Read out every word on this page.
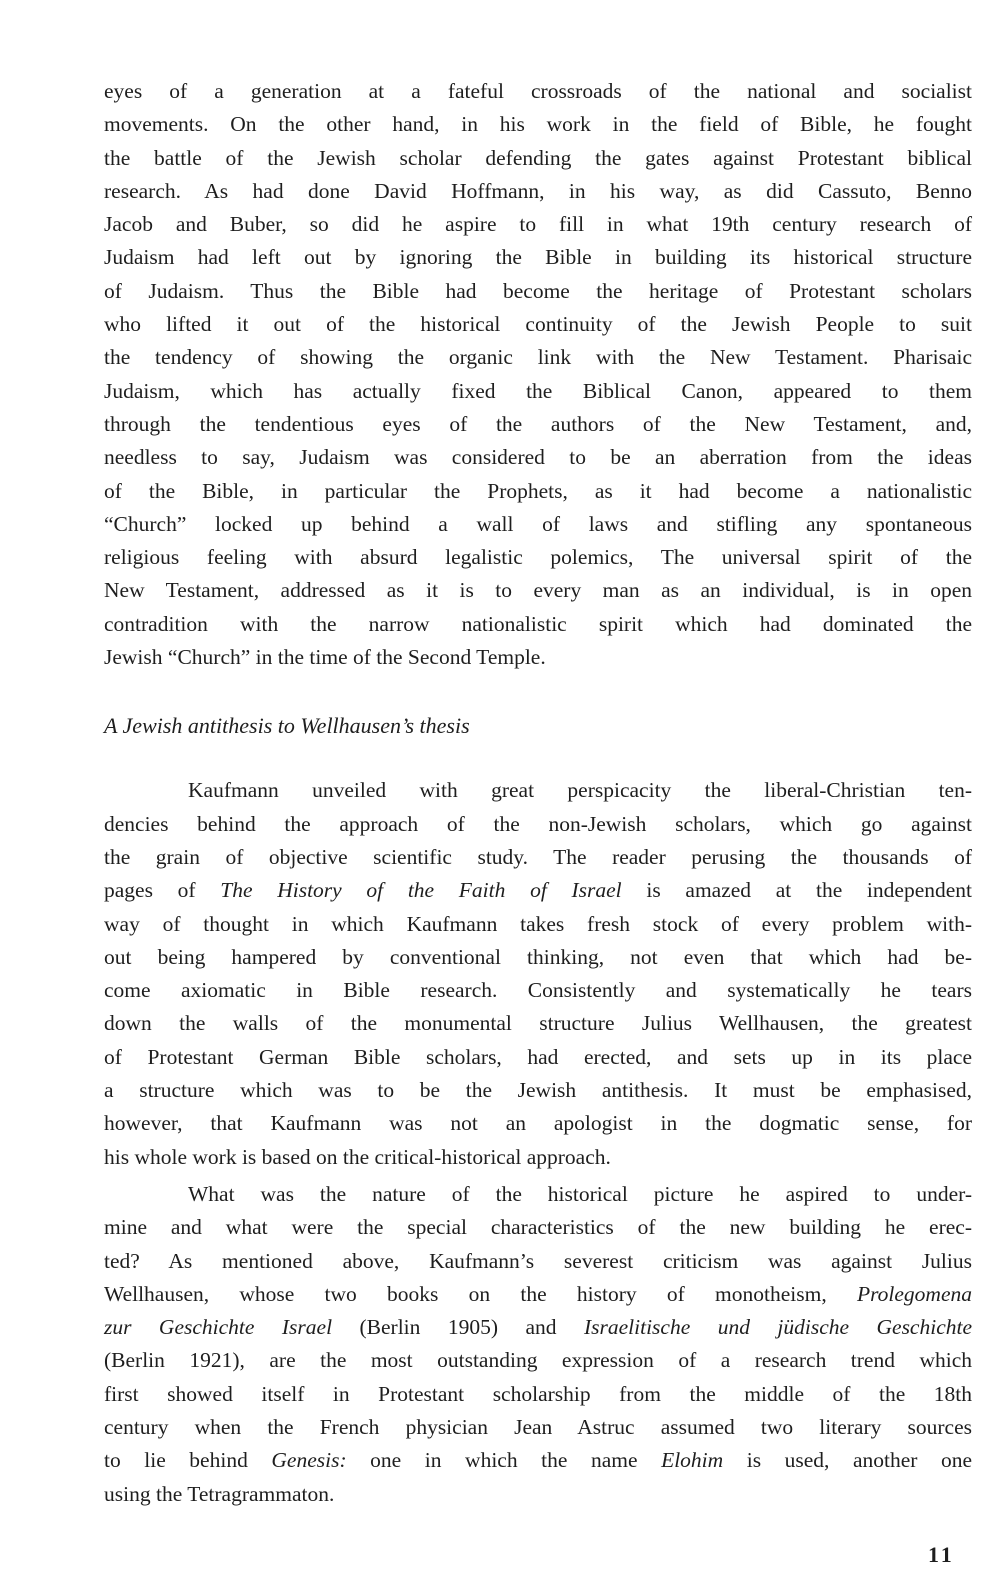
eyes of a generation at a fateful crossroads of the national and socialist
movements. On the other hand, in his work in the field of Bible, he fought
the battle of the Jewish scholar defending the gates against Protestant biblical
research. As had done David Hoffmann, in his way, as did Cassuto, Benno
Jacob and Buber, so did he aspire to fill in what 19th century research of
Judaism had left out by ignoring the Bible in building its historical structure
of Judaism. Thus the Bible had become the heritage of Protestant scholars
who lifted it out of the historical continuity of the Jewish People to suit
the tendency of showing the organic link with the New Testament. Pharisaic
Judaism, which has actually fixed the Biblical Canon, appeared to them
through the tendentious eyes of the authors of the New Testament, and,
needless to say, Judaism was considered to be an aberration from the ideas
of the Bible, in particular the Prophets, as it had become a nationalistic
“Church” locked up behind a wall of laws and stifling any spontaneous
religious feeling with absurd legalistic polemics, The universal spirit of the
New Testament, addressed as it is to every man as an individual, is in open
contradition with the narrow nationalistic spirit which had dominated the
Jewish “Church” in the time of the Second Temple.
A Jewish antithesis to Wellhausen’s thesis
Kaufmann unveiled with great perspicacity the liberal-Christian ten-
dencies behind the approach of the non-Jewish scholars, which go against
the grain of objective scientific study. The reader perusing the thousands of
pages of The History of the Faith of Israel is amazed at the independent
way of thought in which Kaufmann takes fresh stock of every problem with-
out being hampered by conventional thinking, not even that which had be-
come axiomatic in Bible research. Consistently and systematically he tears
down the walls of the monumental structure Julius Wellhausen, the greatest
of Protestant German Bible scholars, had erected, and sets up in its place
a structure which was to be the Jewish antithesis. It must be emphasised,
however, that Kaufmann was not an apologist in the dogmatic sense, for
his whole work is based on the critical-historical approach.
What was the nature of the historical picture he aspired to under-
mine and what were the special characteristics of the new building he erec-
ted? As mentioned above, Kaufmann’s severest criticism was against Julius
Wellhausen, whose two books on the history of monotheism, Prolegomena
zur Geschichte Israel (Berlin 1905) and Israelitische und jüdische Geschichte
(Berlin 1921), are the most outstanding expression of a research trend which
first showed itself in Protestant scholarship from the middle of the 18th
century when the French physician Jean Astruc assumed two literary sources
to lie behind Genesis: one in which the name Elohim is used, another one
using the Tetragrammaton.
11
